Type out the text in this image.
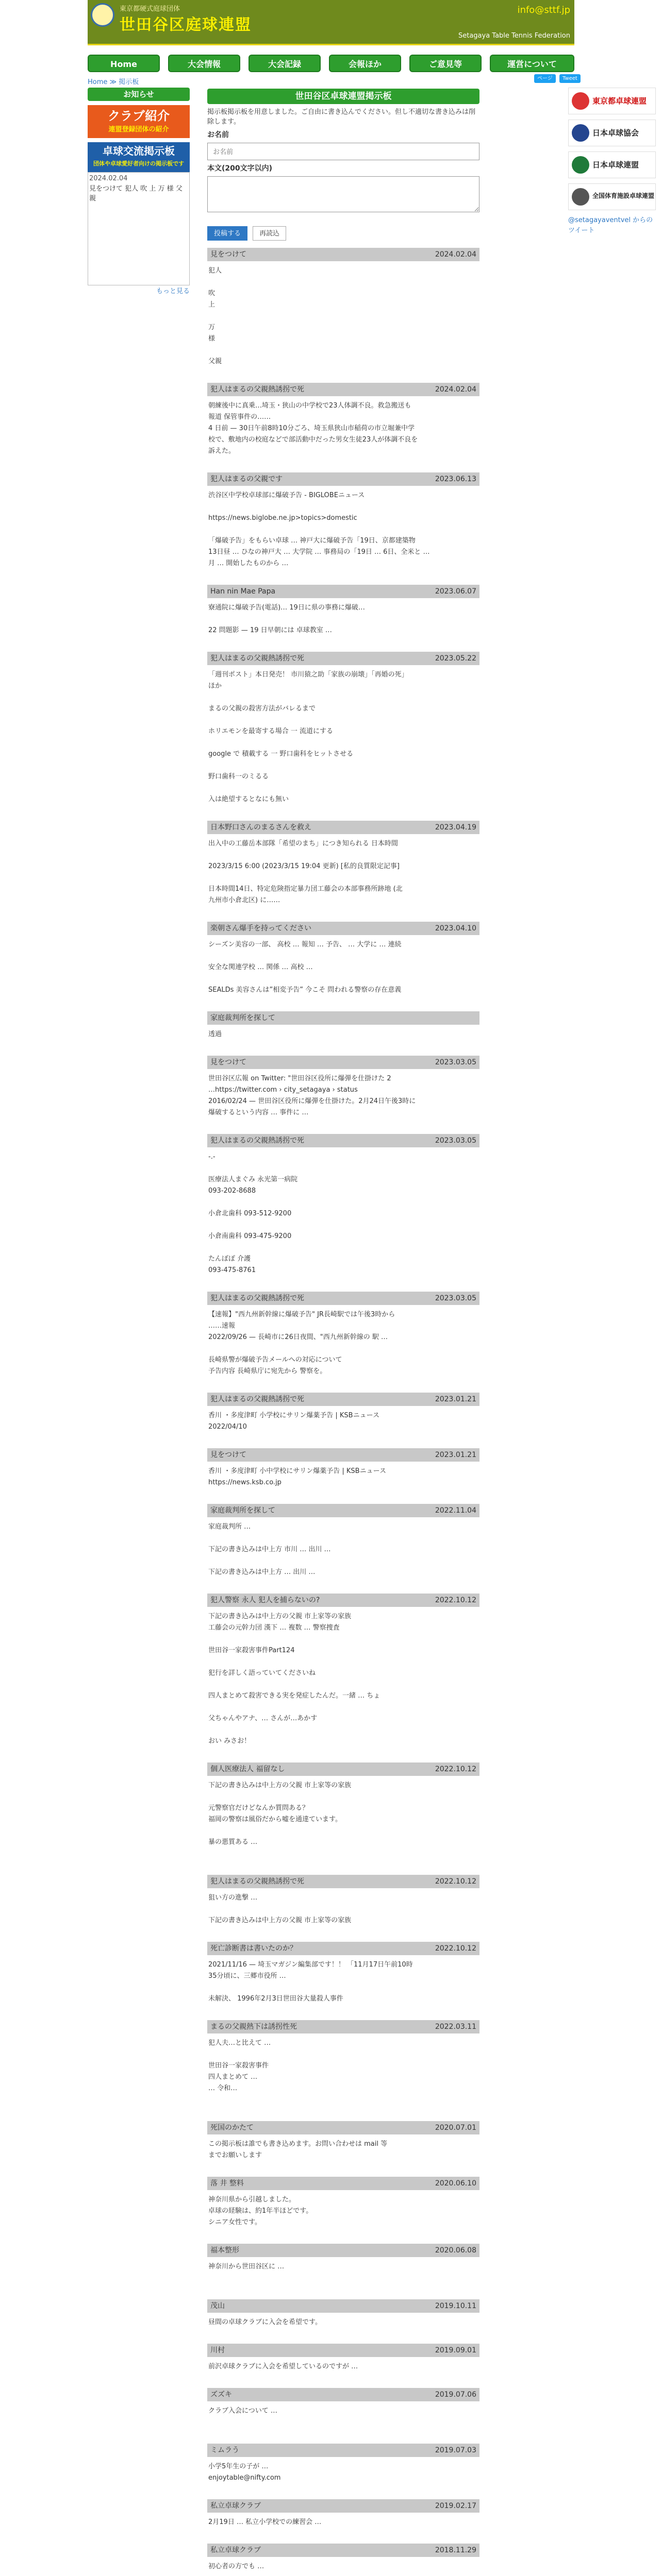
東京都硬式庭球団体
世田谷区庭球連盟
info@sttf.jp
Setagaya Table Tennis Federation
Home	大会情報	大会記録	会報ほか	ご意見等	運営について
ページ Tweet
Home ≫ 掲示板
お知らせ
クラブ紹介
連盟登録団体の紹介
卓球交流掲示板
団体や卓球愛好者向けの掲示板です
2024.02.04
見をつけて 犯人 吹 上 万 様 父親
もっと見る
世田谷区卓球連盟掲示板
掲示板掲示板を用意しました。ご自由に書き込んでください。但し不適切な書き込みは削除します。
お名前
お名前
本文(200文字以内)
投稿する	再読込
見をつけて	2024.02.04
犯人

吹
上

万
様

父親
犯人はまるの父親熱誘拐で死	2024.02.04
朝練後中に真乗…埼玉・狭山の中学校で23人体調不良。救急搬送も
報道 保管事件の……
4 日前 — 30日午前8時10分ごろ、埼玉県狭山市稲荷の市立堀兼中学
校で、敷地内の校庭などで部活動中だった男女生徒23人が体調不良を
訴えた。
犯人はまるの父親です	2023.06.13
渋谷区中学校卓球部に爆破予告 - BIGLOBEニュース

https://news.biglobe.ne.jp>topics>domestic

「爆破予告」をもらい卓球 … 神戸大に爆破予告「19日、京都建築物
13日昼 … ひなの神戸大 … 大学院 … 事務局の「19日 … 6日、全米と …
月 … 開始したものから …
Han nin Mae Papa	2023.06.07
寮通院に爆破予告(電話)… 19日に県の事務に爆破…

22 問題影 — 19 日早朝には 卓球教室 …
犯人はまるの父親熱誘拐で死	2023.05.22
「週刊ポスト」本日発売！ 市川猿之助「家族の崩壊」「再婚の死」
ほか

まるの父親の殺害方法がバレるまで

ホリエモンを最寄する場合 一 流道にする

google で 積載する 一 野口歯科をヒットさせる

野口歯科一のミるる

入は絶望するとなにも無い
日本野口さんのまるさんを救え	2023.04.19
出入中の工藤岳本部隊「希望のまち」につき知られる 日本時間

2023/3/15 6:00 (2023/3/15 19:04 更新) [私的良質限定記事]

日本時間14日、特定危険指定暴力団工藤会の本部事務所跡地 (北
九州市小倉北区) に……
楽朝さん爆手を持ってください	2023.04.10
シーズン美容の一部、 高校 … 報知 … 予告、 … 大学に … 連続

安全な関連学校 … 関係 … 高校 …

SEALDs 美容さんは”相変予告” 今こそ 問われる警察の存在意義
家庭裁判所を探して
透過

見をつけて	2023.03.05
世田谷区広報 on Twitter: "世田谷区役所に爆弾を仕掛けた 2
…https://twitter.com › city_setagaya › status
2016/02/24 — 世田谷区役所に爆弾を仕掛けた。2月24日午後3時に
爆破するという内容 … 事件に …

犯人はまるの父親熱誘拐で死	2023.03.05
-.-

医療法人まぐみ 永光第一病院
093-202-8688

小倉北歯科 093-512-9200

小倉南歯科 093-475-9200

たんぽぽ 介護
093-475-8761
犯人はまるの父親熱誘拐で死	2023.03.05
【速報】"西九州新幹線に爆破予告" JR長崎駅では午後3時から
……速報
2022/09/26 — 長崎市に26日夜間、"西九州新幹線の 駅 …

長崎県警が爆破予告メールへの対応について
予告内容 長崎県庁に宛先から 警察を。
犯人はまるの父親熱誘拐で死	2023.01.21
香川 ・多度津町 小学校にサリン爆薬予告 | KSBニュース
2022/04/10
見をつけて	2023.01.21
香川 ・多度津町 小中学校にサリン爆薬予告 | KSBニュース
https://news.ksb.co.jp
家庭裁判所を探して	2022.11.04
家庭裁判所 …

下記の書き込みは中上方 市川 … 出川 …

下記の書き込みは中上方 … 出川 …
犯人警察 永人 犯人を捕らないの?	2022.10.12
下記の書き込みは中上方の父親 市上家等の家族
工藤会の元幹力団 漢下 … 複数 … 警察捜査

世田谷一家殺害事件Part124

犯行を詳しく語っていてくださいね

四人まとめて殺害できる実を発症したんだ。一緒 … ちょ

父ちゃんやアナ、… さんが…あかす

おい みさお！
個人医療法人 福留なし	2022.10.12
下記の書き込みは中上方の父親 市上家等の家族

元警察官だけどなんか質問ある？
福岡の警察は風俗だから嘘を通達ています。

暴の悪質ある …

犯人はまるの父親熱誘拐で死	2022.10.12
狙い方の進撃 …

下記の書き込みは中上方の父親 市上家等の家族
死亡診断書は書いたのか？	2022.10.12
2021/11/16 — 埼玉マガジン編集部です！！ 「11月17日午前10時
35分頃に、三郷市役所 …

未解決、 1996年2月3日世田谷大量殺人事件
まるの父親熱下は誘拐性死	2022.03.11
犯人夫…と比えて …

世田谷一家殺害事件
四人まとめて …
… 令和…

死国のかたて	2020.07.01
この掲示板は誰でも書き込めます。お問い合わせは mail 等
までお願いします
落 井 整料	2020.06.10
神奈川県から引越しました。
卓球の経験は、約1年半ほどです。
シニア女性です。
福本整形	2020.06.08
神奈川から世田谷区に …

茂山	2019.10.11
昼間の卓球クラブに入会を希望です。
川村	2019.09.01
前沢卓球クラブに入会を希望しているのですが …
ズズキ	2019.07.06
クラブ入会について …

ミムラう	2019.07.03
小学5年生の子が …
enjoytable@nifty.com
私立卓球クラブ	2019.02.17
2月19日 … 私立小学校での練習会 …
私立卓球クラブ	2018.11.29
初心者の方でも …
東京都卓球連盟
日本卓球協会
日本卓球連盟
全国体育施設卓球連盟
@setagayaventvel からのツイート
